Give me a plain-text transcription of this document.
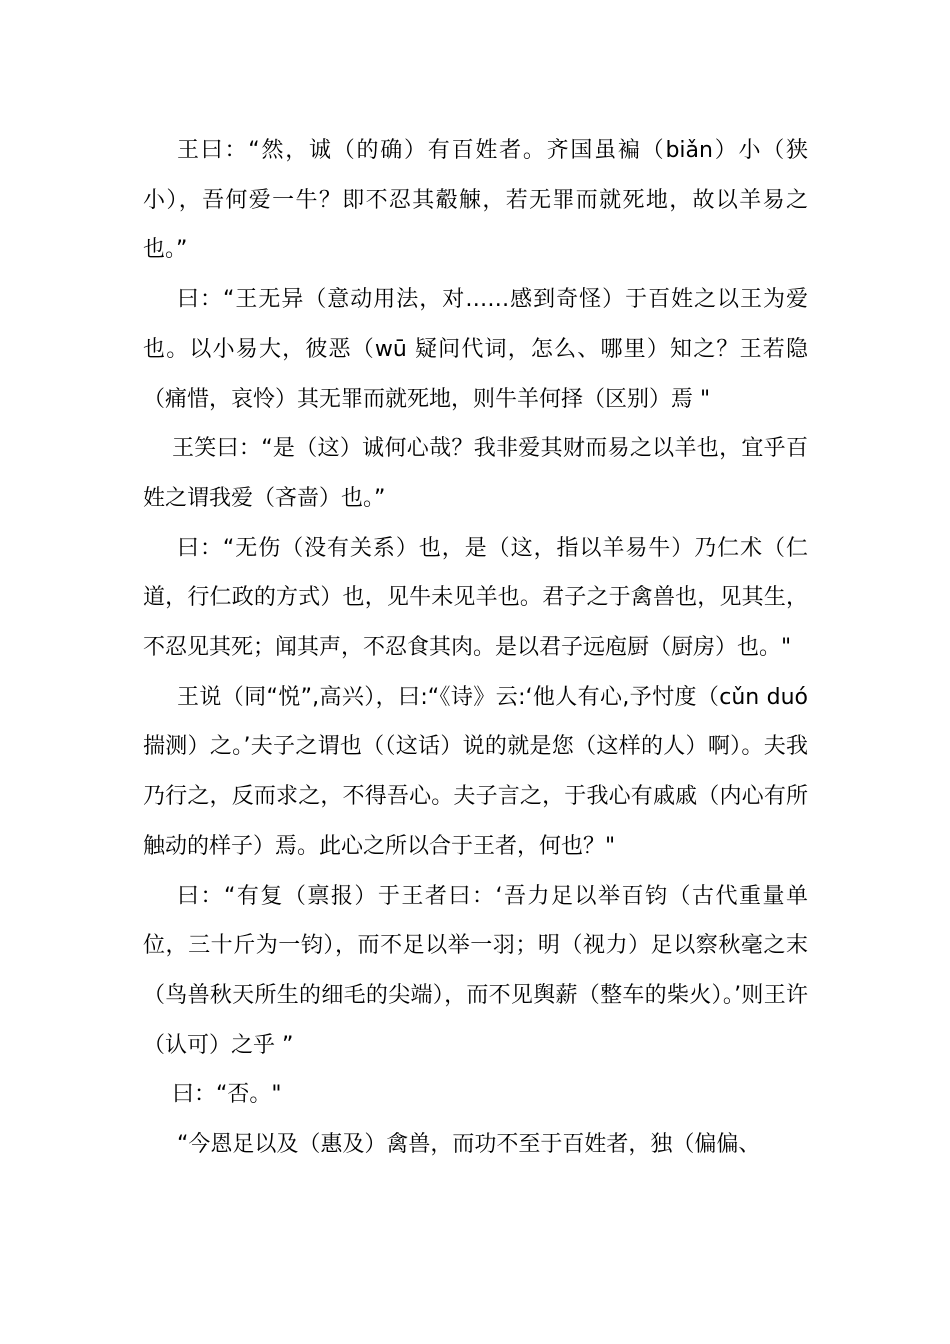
王曰：“然，诚（的确）有百姓者。齐国虽褊（biǎn）小（狭小），吾何爱一牛？即不忍其觳觫，若无罪而就死地，故以羊易之也。”

曰：“王无异（意动用法，对……感到奇怪）于百姓之以王为爱也。以小易大，彼恶（wū 疑问代词，怎么、哪里）知之？王若隐（痛惜，哀怜）其无罪而就死地，则牛羊何择（区别）焉 "

王笑曰：“是（这）诚何心哉？我非爱其财而易之以羊也，宜乎百姓之谓我爱（吝啬）也。”

曰：“无伤（没有关系）也，是（这，指以羊易牛）乃仁术（仁道，行仁政的方式）也，见牛未见羊也。君子之于禽兽也，见其生，不忍见其死；闻其声，不忍食其肉。是以君子远庖厨（厨房）也。"

王说（同“悦”,高兴），曰:“《诗》云:‘他人有心,予忖度（cǔn duó 揣测）之。’夫子之谓也（（这话）说的就是您（这样的人）啊）。夫我乃行之，反而求之，不得吾心。夫子言之，于我心有戚戚（内心有所触动的样子）焉。此心之所以合于王者，何也？"

曰：“有复（禀报）于王者曰：‘吾力足以举百钧（古代重量单位，三十斤为一钧），而不足以举一羽；明（视力）足以察秋毫之末（鸟兽秋天所生的细毛的尖端），而不见舆薪（整车的柴火）。’则王许（认可）之乎 ”

曰：“否。"

“今恩足以及（惠及）禽兽，而功不至于百姓者，独（偏偏、
